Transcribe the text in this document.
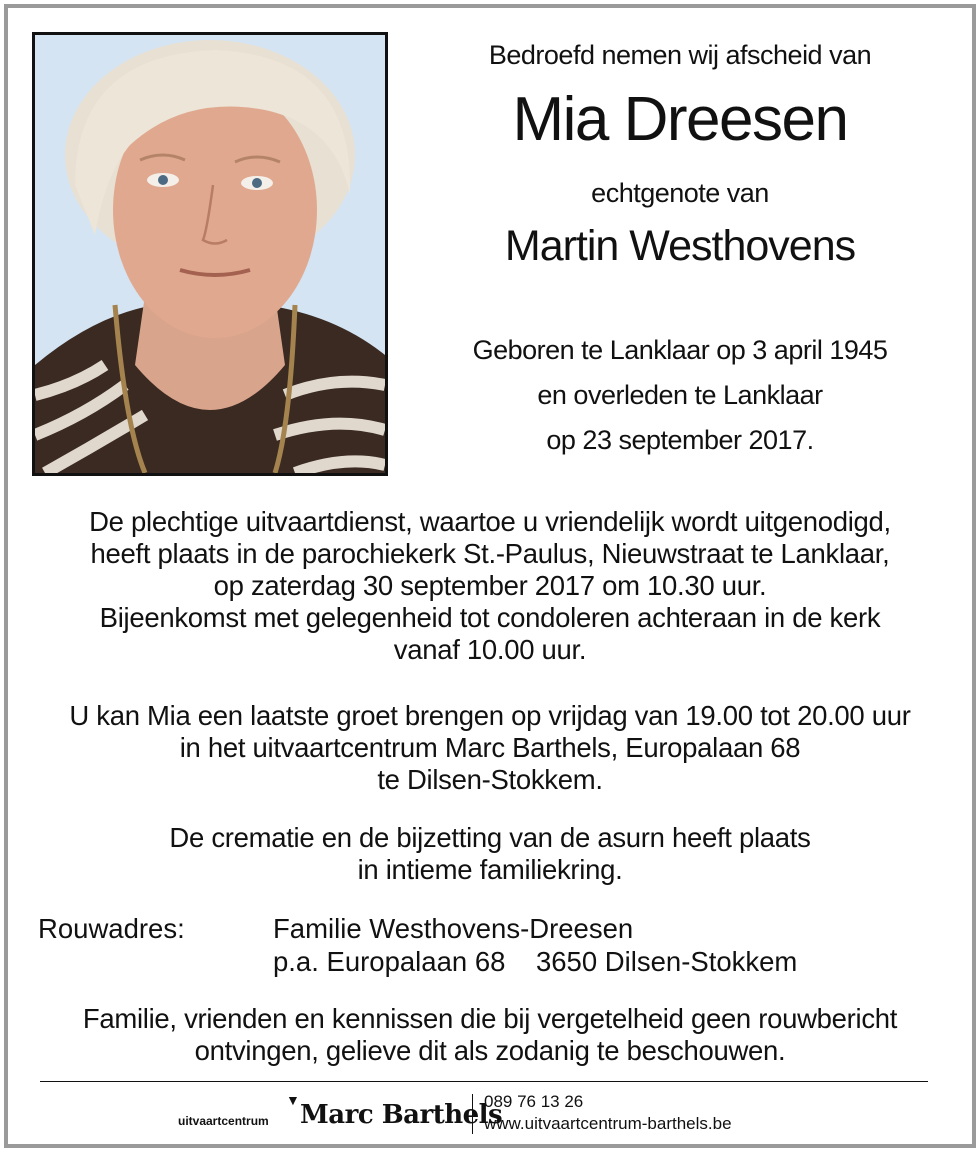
Bedroefd nemen wij afscheid van
Mia Dreesen
echtgenote van
Martin Westhovens
Geboren te Lanklaar op 3 april 1945
en overleden te Lanklaar
op 23 september 2017.
De plechtige uitvaartdienst, waartoe u vriendelijk wordt uitgenodigd,
heeft plaats in de parochiekerk St.-Paulus, Nieuwstraat te Lanklaar,
op zaterdag 30 september 2017 om 10.30 uur.
Bijeenkomst met gelegenheid tot condoleren achteraan in de kerk
vanaf 10.00 uur.
U kan Mia een laatste groet brengen op vrijdag van 19.00 tot 20.00 uur
in het uitvaartcentrum Marc Barthels, Europalaan 68
te Dilsen-Stokkem.
De crematie en de bijzetting van de asurn heeft plaats
in intieme familiekring.
Rouwadres:	Familie Westhovens-Dreesen
p.a. Europalaan 68    3650 Dilsen-Stokkem
Familie, vrienden en kennissen die bij vergetelheid geen rouwbericht
ontvingen, gelieve dit als zodanig te beschouwen.
uitvaartcentrum
▼ Marc Barthels
089 76 13 26
www.uitvaartcentrum-barthels.be
